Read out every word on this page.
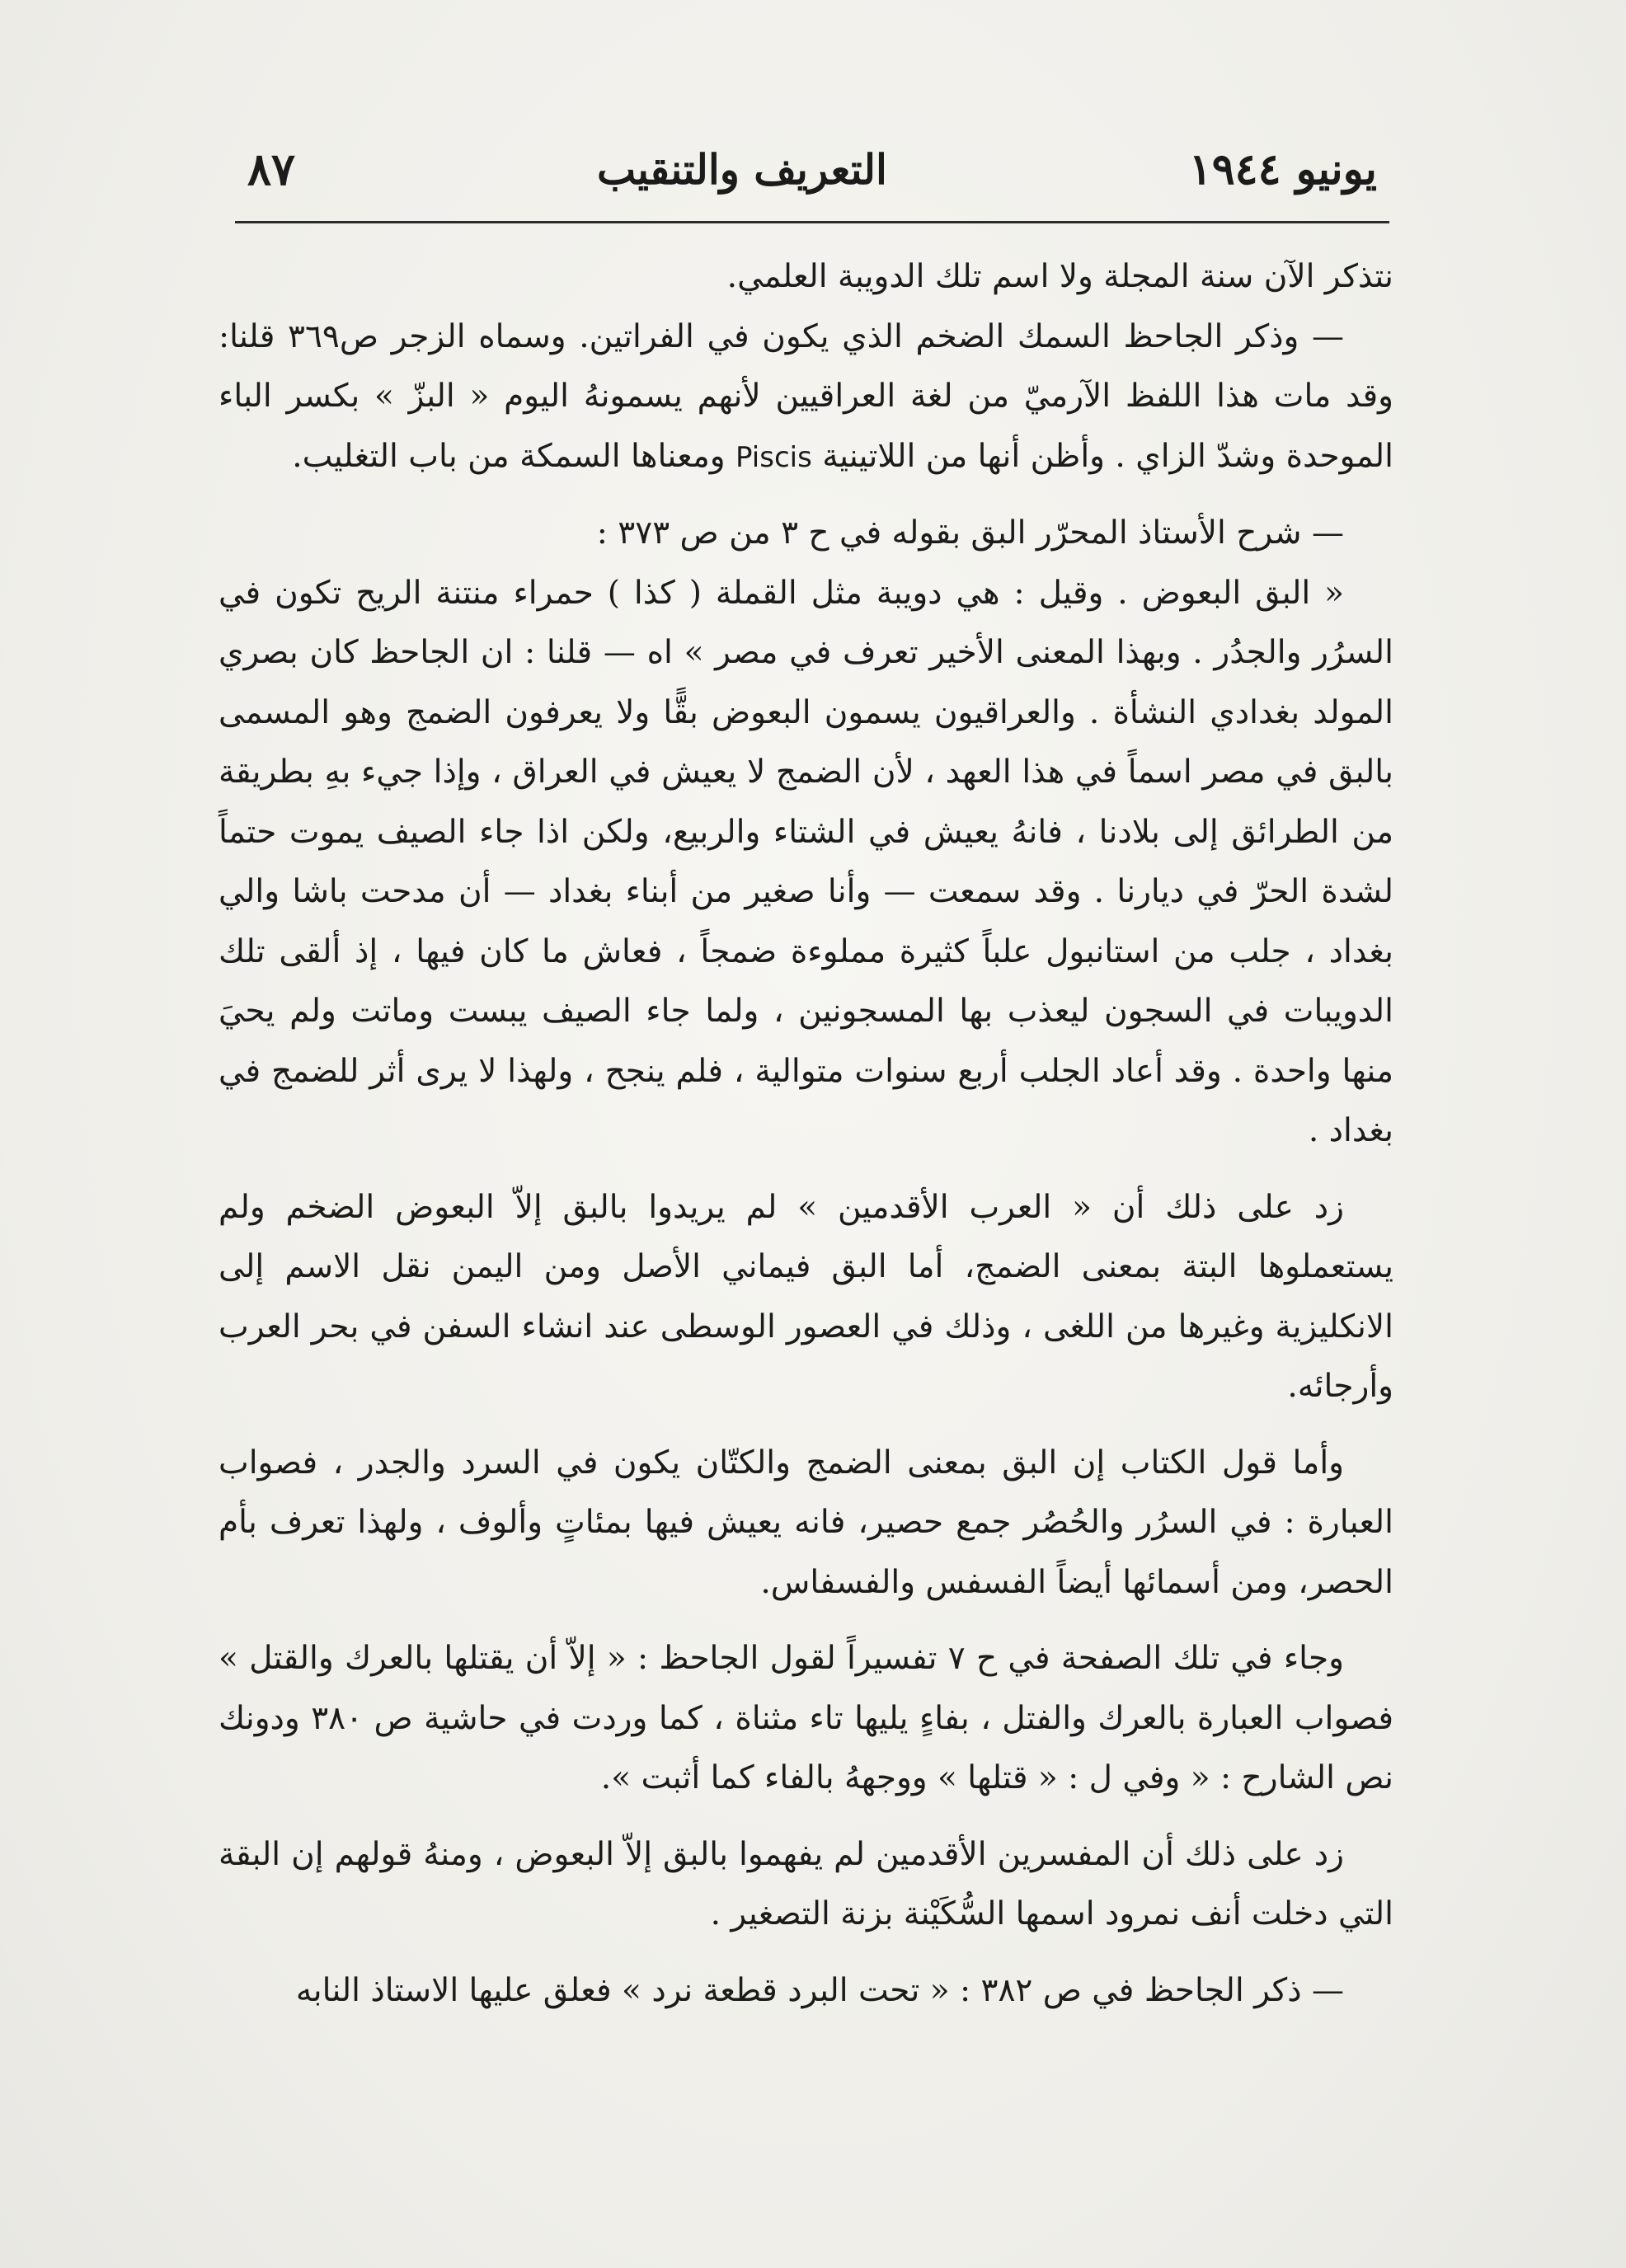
يونيو ١٩٤٤
التعريف والتنقيب
٨٧

نتذكر الآن سنة المجلة ولا اسم تلك الدويبة العلمي.

— وذكر الجاحظ السمك الضخم الذي يكون في الفراتين. وسماه الزجر ص٣٦٩ قلنا: وقد مات هذا اللفظ الآرميّ من لغة العراقيين لأنهم يسمونهُ اليوم « البزّ » بكسر الباء الموحدة وشدّ الزاي . وأظن أنها من اللاتينية Piscis ومعناها السمكة من باب التغليب.

— شرح الأستاذ المحرّر البق بقوله في ح ٣ من ص ٣٧٣ :

« البق البعوض . وقيل : هي دويبة مثل القملة ( كذا ) حمراء منتنة الريح تكون في السرُر والجدُر . وبهذا المعنى الأخير تعرف في مصر » اه — قلنا : ان الجاحظ كان بصري المولد بغدادي النشأة . والعراقيون يسمون البعوض بقًّا ولا يعرفون الضمج وهو المسمى بالبق في مصر اسماً في هذا العهد ، لأن الضمج لا يعيش في العراق ، وإذا جيء بهِ بطريقة من الطرائق إلى بلادنا ، فانهُ يعيش في الشتاء والربيع، ولكن اذا جاء الصيف يموت حتماً لشدة الحرّ في ديارنا . وقد سمعت — وأنا صغير من أبناء بغداد — أن مدحت باشا والي بغداد ، جلب من استانبول علباً كثيرة مملوءة ضمجاً ، فعاش ما كان فيها ، إذ ألقى تلك الدويبات في السجون ليعذب بها المسجونين ، ولما جاء الصيف يبست وماتت ولم يحيَ منها واحدة . وقد أعاد الجلب أربع سنوات متوالية ، فلم ينجح ، ولهذا لا يرى أثر للضمج في بغداد .

زد على ذلك أن « العرب الأقدمين » لم يريدوا بالبق إلاّ البعوض الضخم ولم يستعملوها البتة بمعنى الضمج، أما البق فيماني الأصل ومن اليمن نقل الاسم إلى الانكليزية وغيرها من اللغى ، وذلك في العصور الوسطى عند انشاء السفن في بحر العرب وأرجائه.

وأما قول الكتاب إن البق بمعنى الضمج والكتّان يكون في السرد والجدر ، فصواب العبارة : في السرُر والحُصُر جمع حصير، فانه يعيش فيها بمئاتٍ وألوف ، ولهذا تعرف بأم الحصر، ومن أسمائها أيضاً الفسفس والفسفاس.

وجاء في تلك الصفحة في ح ٧ تفسيراً لقول الجاحظ : « إلاّ أن يقتلها بالعرك والقتل » فصواب العبارة بالعرك والفتل ، بفاءٍ يليها تاء مثناة ، كما وردت في حاشية ص ٣٨٠ ودونك نص الشارح : « وفي ل : « قتلها » ووجههُ بالفاء كما أثبت ».

زد على ذلك أن المفسرين الأقدمين لم يفهموا بالبق إلاّ البعوض ، ومنهُ قولهم إن البقة التي دخلت أنف نمرود اسمها السُّكَيْنة بزنة التصغير .

— ذكر الجاحظ في ص ٣٨٢ : « تحت البرد قطعة نرد » فعلق عليها الاستاذ النابه
